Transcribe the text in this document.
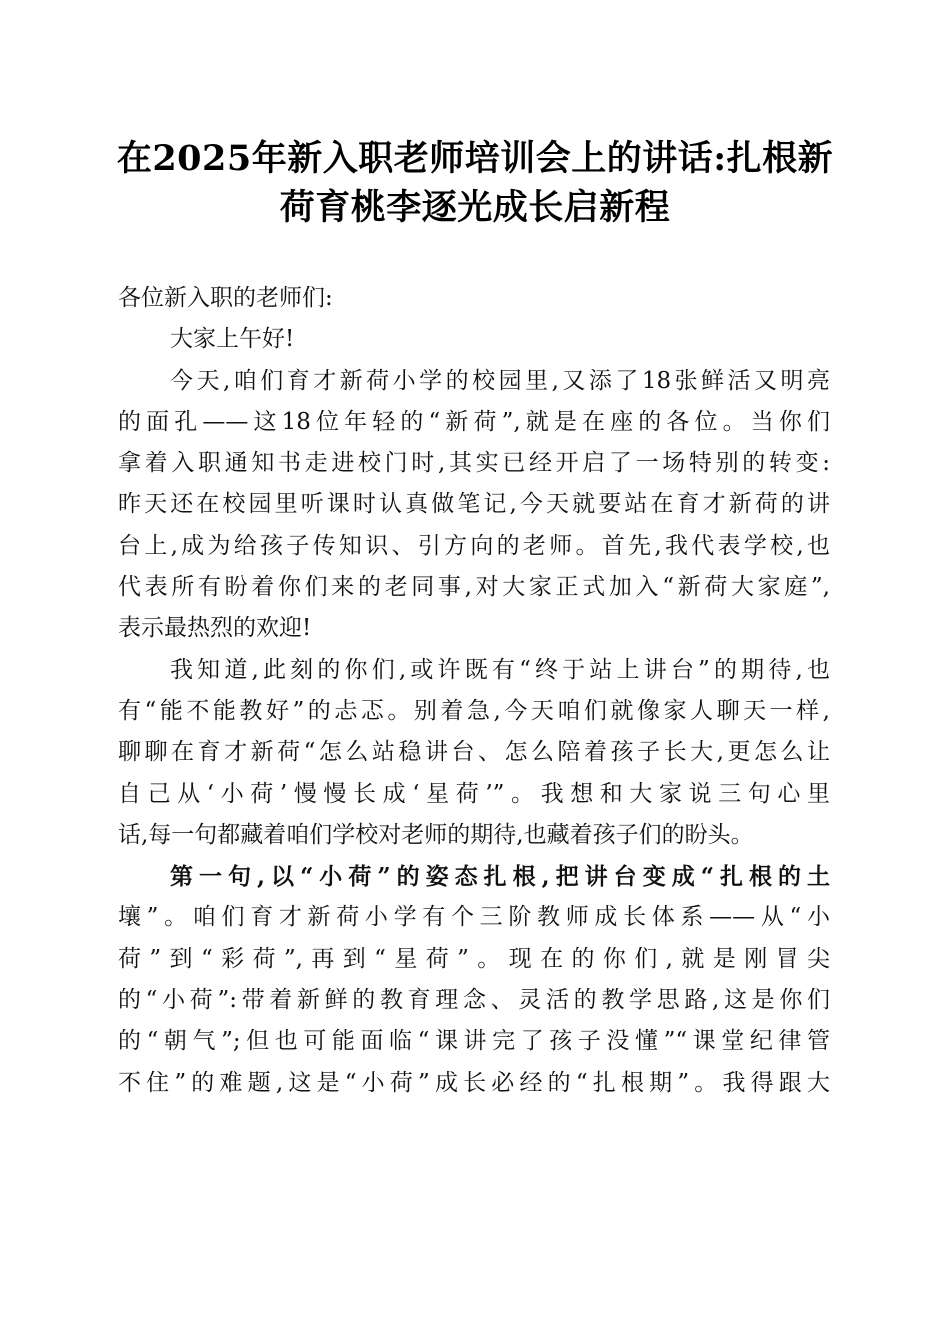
在2025年新入职老师培训会上的讲话:扎根新
荷育桃李逐光成长启新程
各位新入职的老师们:
大家上午好!
今天,咱们育才新荷小学的校园里,又添了18张鲜活又明亮
的面孔——这18位年轻的“新荷”,就是在座的各位。当你们
拿着入职通知书走进校门时,其实已经开启了一场特别的转变:
昨天还在校园里听课时认真做笔记,今天就要站在育才新荷的讲
台上,成为给孩子传知识、引方向的老师。首先,我代表学校,也
代表所有盼着你们来的老同事,对大家正式加入“新荷大家庭”,
表示最热烈的欢迎!
我知道,此刻的你们,或许既有“终于站上讲台”的期待,也
有“能不能教好”的忐忑。别着急,今天咱们就像家人聊天一样,
聊聊在育才新荷“怎么站稳讲台、怎么陪着孩子长大,更怎么让
自己从‘小荷’慢慢长成‘星荷’”。我想和大家说三句心里
话,每一句都藏着咱们学校对老师的期待,也藏着孩子们的盼头。
第一句,以“小荷”的姿态扎根,把讲台变成“扎根的土
壤”。咱们育才新荷小学有个三阶教师成长体系——从“小
荷”到“彩荷”,再到“星荷”。现在的你们,就是刚冒尖
的“小荷”:带着新鲜的教育理念、灵活的教学思路,这是你们
的“朝气”;但也可能面临“课讲完了孩子没懂”“课堂纪律管
不住”的难题,这是“小荷”成长必经的“扎根期”。我得跟大
